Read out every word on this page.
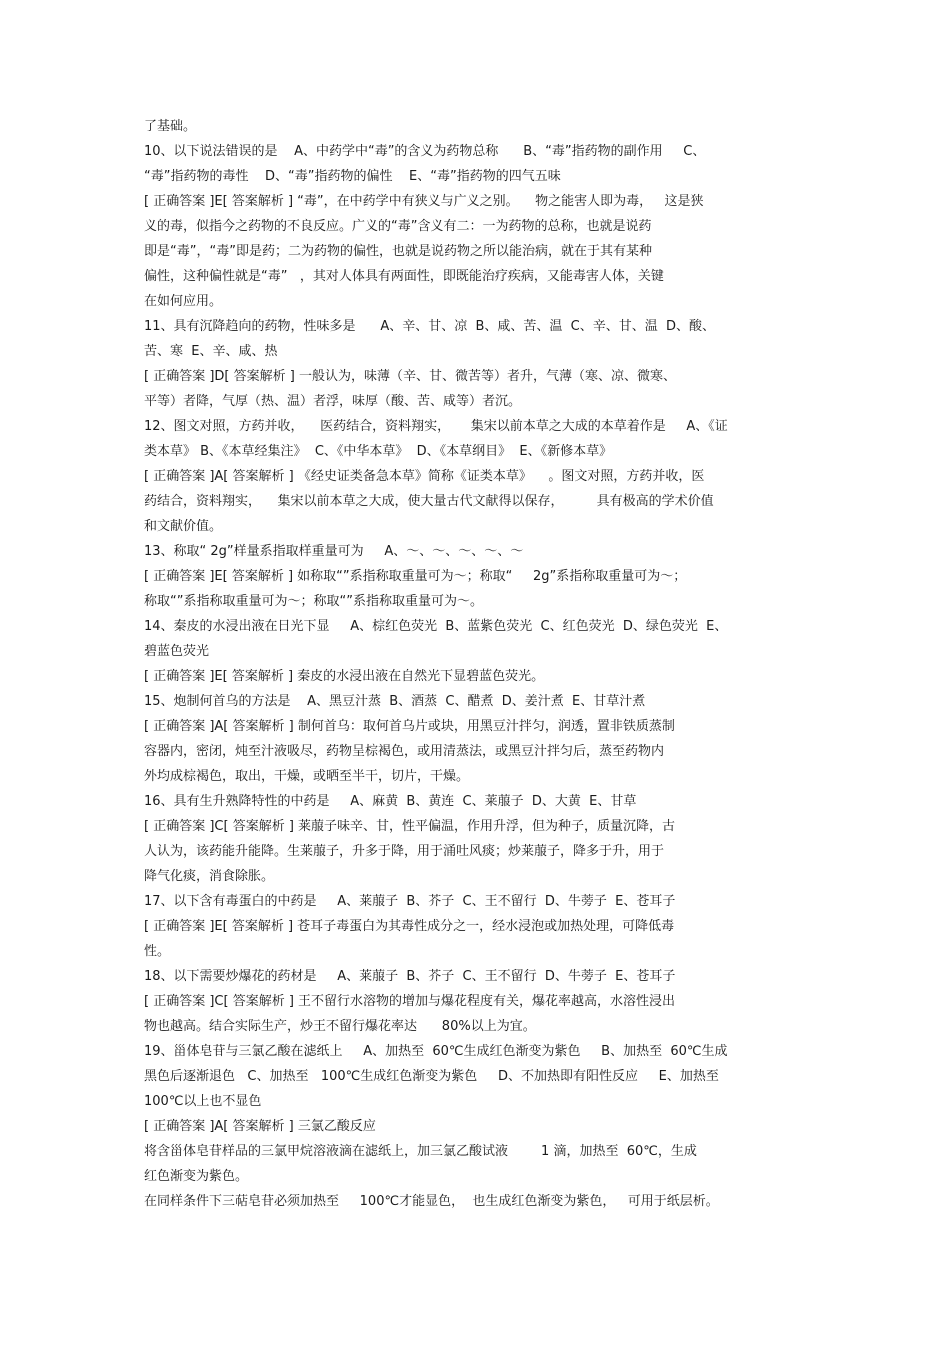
了基础。
10、以下说法错误的是    A、中药学中“毒”的含义为药物总称      B、“毒”指药物的副作用     C、
“毒”指药物的毒性    D、“毒”指药物的偏性    E、“毒”指药物的四气五味
[ 正确答案 ]E[ 答案解析 ] “毒”，在中药学中有狭义与广义之别。    物之能害人即为毒，   这是狭
义的毒，似指今之药物的不良反应。广义的“毒”含义有二：一为药物的总称，也就是说药
即是“毒”，“毒”即是药；二为药物的偏性，也就是说药物之所以能治病，就在于其有某种
偏性，这种偏性就是“毒”   ，其对人体具有两面性，即既能治疗疾病，又能毒害人体，关键
在如何应用。
11、具有沉降趋向的药物，性味多是      A、辛、甘、凉  B、咸、苦、温  C、辛、甘、温  D、酸、
苦、寒  E、辛、咸、热
[ 正确答案 ]D[ 答案解析 ] 一般认为，味薄（辛、甘、微苦等）者升，气薄（寒、凉、微寒、
平等）者降，气厚（热、温）者浮，味厚（酸、苦、咸等）者沉。
12、图文对照，方药并收，    医药结合，资料翔实，     集宋以前本草之大成的本草着作是     A、《证
类本草》 B、《本草经集注》  C、《中华本草》  D、《本草纲目》  E、《新修本草》
[ 正确答案 ]A[ 答案解析 ] 《经史证类备急本草》简称《证类本草》    。图文对照，方药并收，医
药结合，资料翔实，    集宋以前本草之大成，使大量古代文献得以保存，        具有极高的学术价值
和文献价值。
13、称取“ 2g”样量系指取样重量可为     A、～、～、～、～、～
[ 正确答案 ]E[ 答案解析 ] 如称取“”系指称取重量可为～；称取“     2g”系指称取重量可为～；
称取“”系指称取重量可为～；称取“”系指称取重量可为～。
14、秦皮的水浸出液在日光下显     A、棕红色荧光  B、蓝紫色荧光  C、红色荧光  D、绿色荧光  E、
碧蓝色荧光
[ 正确答案 ]E[ 答案解析 ] 秦皮的水浸出液在自然光下显碧蓝色荧光。
15、炮制何首乌的方法是    A、黑豆汁蒸  B、酒蒸  C、醋煮  D、姜汁煮  E、甘草汁煮
[ 正确答案 ]A[ 答案解析 ] 制何首乌：取何首乌片或块，用黑豆汁拌匀，润透，置非铁质蒸制
容器内，密闭，炖至汁液吸尽，药物呈棕褐色，或用清蒸法，或黑豆汁拌匀后，蒸至药物内
外均成棕褐色，取出，干燥，或晒至半干，切片，干燥。
16、具有生升熟降特性的中药是     A、麻黄  B、黄连  C、莱菔子  D、大黄  E、甘草
[ 正确答案 ]C[ 答案解析 ] 莱菔子味辛、甘，性平偏温，作用升浮，但为种子，质量沉降，古
人认为，该药能升能降。生莱菔子，升多于降，用于涌吐风痰；炒莱菔子，降多于升，用于
降气化痰，消食除胀。
17、以下含有毒蛋白的中药是     A、莱菔子  B、芥子  C、王不留行  D、牛蒡子  E、苍耳子
[ 正确答案 ]E[ 答案解析 ] 苍耳子毒蛋白为其毒性成分之一，经水浸泡或加热处理，可降低毒
性。
18、以下需要炒爆花的药材是     A、莱菔子  B、芥子  C、王不留行  D、牛蒡子  E、苍耳子
[ 正确答案 ]C[ 答案解析 ] 王不留行水溶物的增加与爆花程度有关，爆花率越高，水溶性浸出
物也越高。结合实际生产，炒王不留行爆花率达      80%以上为宜。
19、甾体皂苷与三氯乙酸在滤纸上     A、加热至  60℃生成红色渐变为紫色     B、加热至  60℃生成
黑色后逐渐退色   C、加热至   100℃生成红色渐变为紫色     D、不加热即有阳性反应     E、加热至
100℃以上也不显色
[ 正确答案 ]A[ 答案解析 ] 三氯乙酸反应
将含甾体皂苷样品的三氯甲烷溶液滴在滤纸上，加三氯乙酸试液        1 滴，加热至  60℃，生成
红色渐变为紫色。
在同样条件下三萜皂苷必须加热至     100℃才能显色，  也生成红色渐变为紫色，   可用于纸层析。
